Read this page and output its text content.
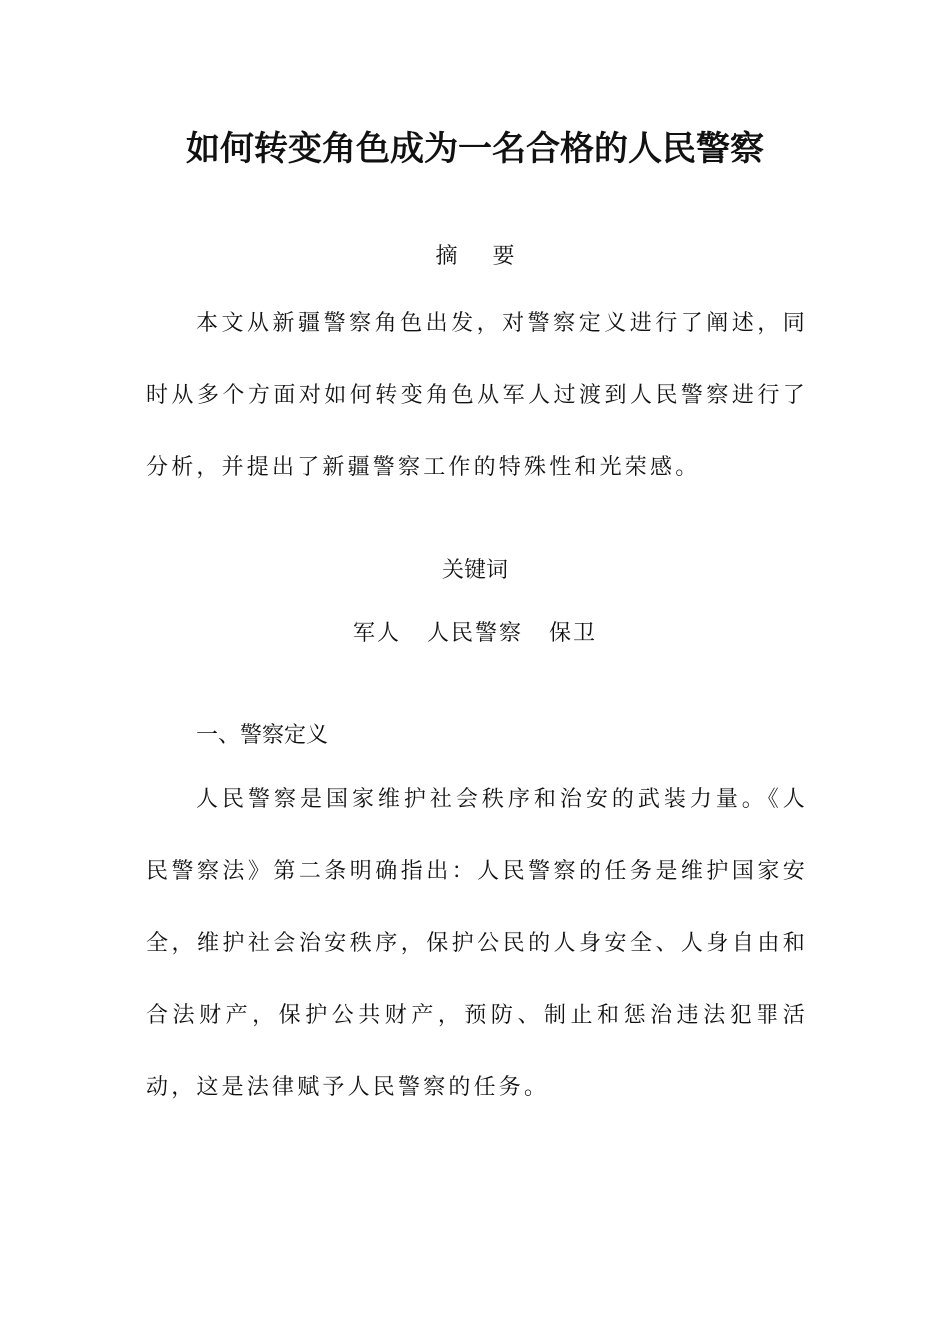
如何转变角色成为一名合格的人民警察
摘 要

本文从新疆警察角色出发，对警察定义进行了阐述，同时从多个方面对如何转变角色从军人过渡到人民警察进行了分析，并提出了新疆警察工作的特殊性和光荣感。

关键词
军人 人民警察 保卫
一、警察定义

人民警察是国家维护社会秩序和治安的武装力量。《人民警察法》第二条明确指出：人民警察的任务是维护国家安全，维护社会治安秩序，保护公民的人身安全、人身自由和合法财产，保护公共财产，预防、制止和惩治违法犯罪活动，这是法律赋予人民警察的任务。
